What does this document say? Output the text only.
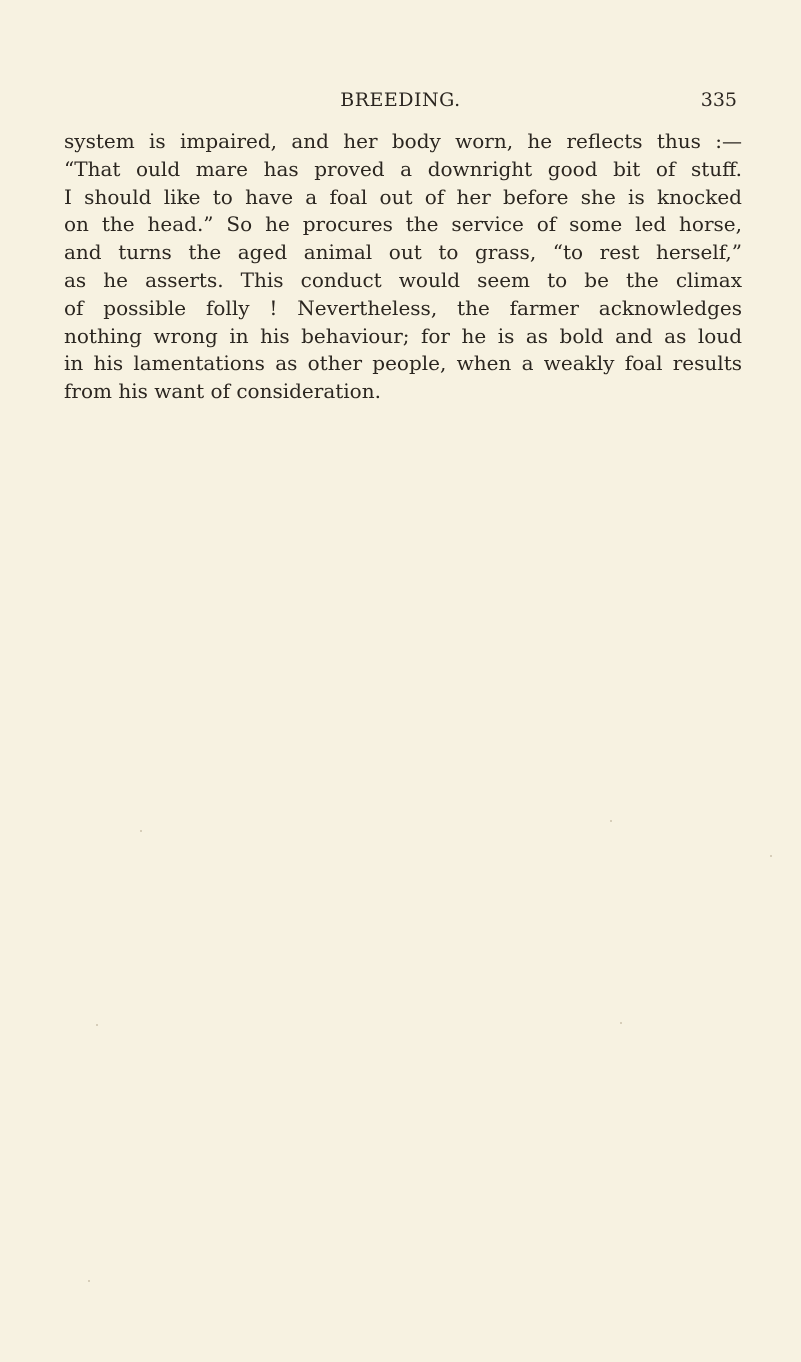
BREEDING.	335
system is impaired, and her body worn, he reflects thus :—
“That ould mare has proved a downright good bit of stuff.
I should like to have a foal out of her before she is knocked
on the head.” So he procures the service of some led horse,
and turns the aged animal out to grass, “to rest herself,”
as he asserts. This conduct would seem to be the climax
of possible folly ! Nevertheless, the farmer acknowledges
nothing wrong in his behaviour; for he is as bold and as loud
in his lamentations as other people, when a weakly foal results
from his want of consideration.
